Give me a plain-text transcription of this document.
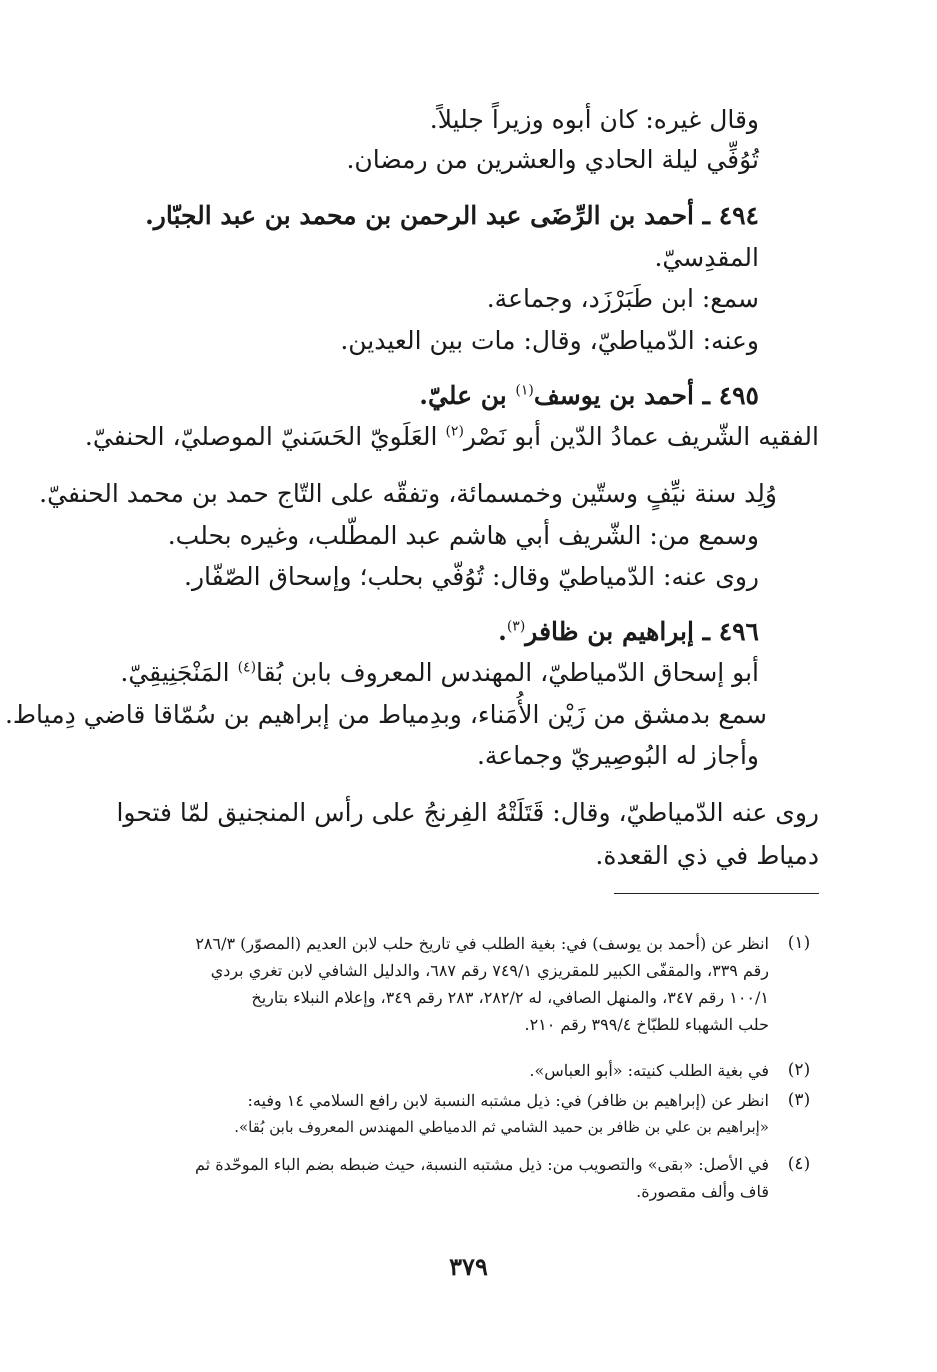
وقال غيره: كان أبوه وزيراً جليلاً.
تُوُفِّي ليلة الحادي والعشرين من رمضان.
٤٩٤ ـ أحمد بن الرِّضَى عبد الرحمن بن محمد بن عبد الجبّار.
المقدِسيّ.
سمع: ابن طَبَرْزَد، وجماعة.
وعنه: الدّمياطيّ، وقال: مات بين العيدين.
٤٩٥ ـ أحمد بن يوسف$^{(١)}$ بن عليّ.
الفقيه الشّريف عمادُ الدّين أبو نَصْر$^{(٢)}$ العَلَويّ الحَسَنيّ الموصليّ، الحنفيّ.
وُلِد سنة نيِّفٍ وستّين وخمسمائة، وتفقّه على التّاج حمد بن محمد الحنفيّ.
وسمع من: الشّريف أبي هاشم عبد المطّلب، وغيره بحلب.
روى عنه: الدّمياطيّ وقال: تُوُفّي بحلب؛ وإسحاق الصّفّار.
٤٩٦ ـ إبراهيم بن ظافر$^{(٣)}$.
أبو إسحاق الدّمياطيّ، المهندس المعروف بابن بُقا$^{(٤)}$ المَنْجَنِيقِيّ.
سمع بدمشق من زَيْن الأُمَناء، وبدِمياط من إبراهيم بن سُمّاقا قاضي دِمياط.
وأجاز له البُوصِيريّ وجماعة.
روى عنه الدّمياطيّ، وقال: قَتَلَتْهُ الفِرنجُ على رأس المنجنيق لمّا فتحوا
دمياط في ذي القعدة.
(١)
انظر عن (أحمد بن يوسف) في: بغية الطلب في تاريخ حلب لابن العديم (المصوّر) ٢٨٦/٣
رقم ٣٣٩، والمقفّى الكبير للمقريزي ٧٤٩/١ رقم ٦٨٧، والدليل الشافي لابن تغري بردي
١٠٠/١ رقم ٣٤٧، والمنهل الصافي، له ٢٨٢/٢، ٢٨٣ رقم ٣٤٩، وإعلام النبلاء بتاريخ
حلب الشهباء للطبّاخ ٣٩٩/٤ رقم ٢١٠.
(٢)
في بغية الطلب كنيته: «أبو العباس».
(٣)
انظر عن (إبراهيم بن ظافر) في: ذيل مشتبه النسبة لابن رافع السلامي ١٤ وفيه:
«إبراهيم بن علي بن ظافر بن حميد الشامي ثم الدمياطي المهندس المعروف بابن بُقا».
(٤)
في الأصل: «بقى» والتصويب من: ذيل مشتبه النسبة، حيث ضبطه بضم الباء الموحّدة ثم
قاف وألف مقصورة.
٣٧٩
